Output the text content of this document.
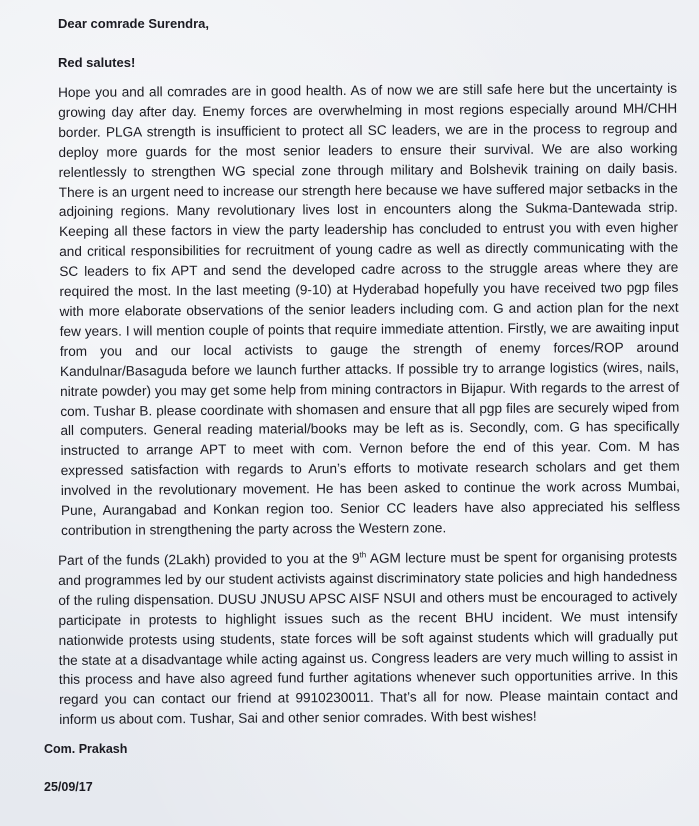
Dear comrade Surendra,
Red salutes!

Hope you and all comrades are in good health. As of now we are still safe here but the uncertainty is growing day after day. Enemy forces are overwhelming in most regions especially around MH/CHH border. PLGA strength is insufficient to protect all SC leaders, we are in the process to regroup and deploy more guards for the most senior leaders to ensure their survival. We are also working relentlessly to strengthen WG special zone through military and Bolshevik training on daily basis. There is an urgent need to increase our strength here because we have suffered major setbacks in the adjoining regions. Many revolutionary lives lost in encounters along the Sukma-Dantewada strip. Keeping all these factors in view the party leadership has concluded to entrust you with even higher and critical responsibilities for recruitment of young cadre as well as directly communicating with the SC leaders to fix APT and send the developed cadre across to the struggle areas where they are required the most. In the last meeting (9-10) at Hyderabad hopefully you have received two pgp files with more elaborate observations of the senior leaders including com. G and action plan for the next few years. I will mention couple of points that require immediate attention. Firstly, we are awaiting input from you and our local activists to gauge the strength of enemy forces/ROP around Kandulnar/Basaguda before we launch further attacks. If possible try to arrange logistics (wires, nails, nitrate powder) you may get some help from mining contractors in Bijapur. With regards to the arrest of com. Tushar B. please coordinate with shomasen and ensure that all pgp files are securely wiped from all computers. General reading material/books may be left as is. Secondly, com. G has specifically instructed to arrange APT to meet with com. Vernon before the end of this year. Com. M has expressed satisfaction with regards to Arun’s efforts to motivate research scholars and get them involved in the revolutionary movement. He has been asked to continue the work across Mumbai, Pune, Aurangabad and Konkan region too. Senior CC leaders have also appreciated his selfless contribution in strengthening the party across the Western zone.

Part of the funds (2Lakh) provided to you at the 9th AGM lecture must be spent for organising protests and programmes led by our student activists against discriminatory state policies and high handedness of the ruling dispensation. DUSU JNUSU APSC AISF NSUI and others must be encouraged to actively participate in protests to highlight issues such as the recent BHU incident. We must intensify nationwide protests using students, state forces will be soft against students which will gradually put the state at a disadvantage while acting against us. Congress leaders are very much willing to assist in this process and have also agreed fund further agitations whenever such opportunities arrive. In this regard you can contact our friend at 9910230011. That’s all for now. Please maintain contact and inform us about com. Tushar, Sai and other senior comrades. With best wishes!

Com. Prakash
25/09/17
